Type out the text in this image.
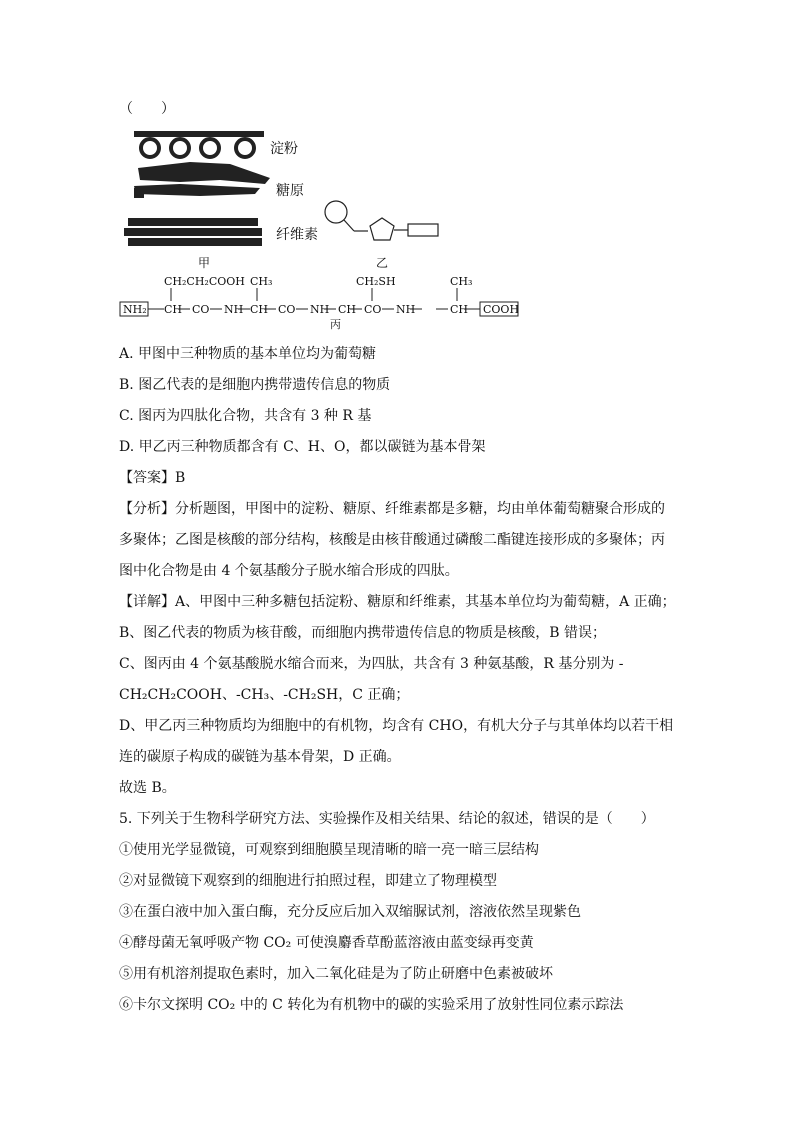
（　　）
淀粉
糖原
纤维素
甲	乙
NH₂	COOH
CH₂CH₂COOH CH₃	CH₂SH	CH₃
CH CO NH CH CO NH CH CO NH	CH
丙
A. 甲图中三种物质的基本单位均为葡萄糖
B. 图乙代表的是细胞内携带遗传信息的物质
C. 图丙为四肽化合物，共含有 3 种 R 基
D. 甲乙丙三种物质都含有 C、H、O，都以碳链为基本骨架
【答案】B
【分析】分析题图，甲图中的淀粉、糖原、纤维素都是多糖，均由单体葡萄糖聚合形成的
多聚体；乙图是核酸的部分结构，核酸是由核苷酸通过磷酸二酯键连接形成的多聚体；丙
图中化合物是由 4 个氨基酸分子脱水缩合形成的四肽。
【详解】A、甲图中三种多糖包括淀粉、糖原和纤维素，其基本单位均为葡萄糖，A 正确；
B、图乙代表的物质为核苷酸，而细胞内携带遗传信息的物质是核酸，B 错误；
C、图丙由 4 个氨基酸脱水缩合而来，为四肽，共含有 3 种氨基酸，R 基分别为 -
CH₂CH₂COOH、-CH₃、-CH₂SH，C 正确；
D、甲乙丙三种物质均为细胞中的有机物，均含有 CHO，有机大分子与其单体均以若干相
连的碳原子构成的碳链为基本骨架，D 正确。
故选 B。
5. 下列关于生物科学研究方法、实验操作及相关结果、结论的叙述，错误的是（　　）
①使用光学显微镜，可观察到细胞膜呈现清晰的暗一亮一暗三层结构
②对显微镜下观察到的细胞进行拍照过程，即建立了物理模型
③在蛋白液中加入蛋白酶，充分反应后加入双缩脲试剂，溶液依然呈现紫色
④酵母菌无氧呼吸产物 CO₂ 可使溴麝香草酚蓝溶液由蓝变绿再变黄
⑤用有机溶剂提取色素时，加入二氧化硅是为了防止研磨中色素被破坏
⑥卡尔文探明 CO₂ 中的 C 转化为有机物中的碳的实验采用了放射性同位素示踪法
